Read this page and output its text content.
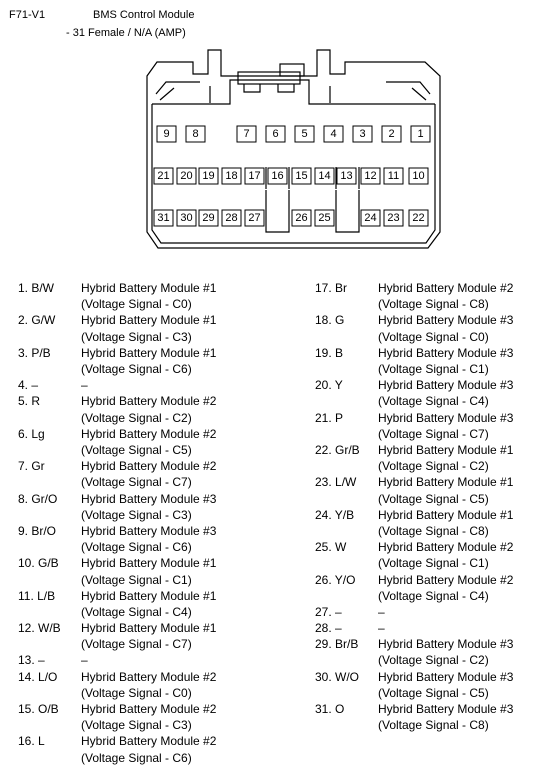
F71-V1	BMS Control Module
- 31 Female / N/A (AMP)
9 8	7 6 5 4 3 2 1
21 20 19 18 17 16 15 14 13 12 11 10
31 30 29 28 27	26 25	24 23 22
1. B/W Hybrid Battery Module #1
(Voltage Signal - C0)
2. G/W Hybrid Battery Module #1
(Voltage Signal - C3)
3. P/B	Hybrid Battery Module #1
(Voltage Signal - C6)
4. –	–
5. R	Hybrid Battery Module #2
(Voltage Signal - C2)
6. Lg	Hybrid Battery Module #2
(Voltage Signal - C5)
7. Gr	Hybrid Battery Module #2
(Voltage Signal - C7)
8. Gr/O Hybrid Battery Module #3
(Voltage Signal - C3)
9. Br/O Hybrid Battery Module #3
(Voltage Signal - C6)
10. G/B Hybrid Battery Module #1
(Voltage Signal - C1)
11. L/B Hybrid Battery Module #1
(Voltage Signal - C4)
12. W/B Hybrid Battery Module #1
(Voltage Signal - C7)
13. –	–
14. L/O Hybrid Battery Module #2
(Voltage Signal - C0)
15. O/B Hybrid Battery Module #2
(Voltage Signal - C3)
16. L	Hybrid Battery Module #2
(Voltage Signal - C6)
17. Br	Hybrid Battery Module #2
(Voltage Signal - C8)
18. G	Hybrid Battery Module #3
(Voltage Signal - C0)
19. B	Hybrid Battery Module #3
(Voltage Signal - C1)
20. Y	Hybrid Battery Module #3
(Voltage Signal - C4)
21. P	Hybrid Battery Module #3
(Voltage Signal - C7)
22. Gr/B Hybrid Battery Module #1
(Voltage Signal - C2)
23. L/W Hybrid Battery Module #1
(Voltage Signal - C5)
24. Y/B Hybrid Battery Module #1
(Voltage Signal - C8)
25. W	Hybrid Battery Module #2
(Voltage Signal - C1)
26. Y/O Hybrid Battery Module #2
(Voltage Signal - C4)
27. –	–
28. –	–
29. Br/B Hybrid Battery Module #3
(Voltage Signal - C2)
30. W/O Hybrid Battery Module #3
(Voltage Signal - C5)
31. O	Hybrid Battery Module #3
(Voltage Signal - C8)
